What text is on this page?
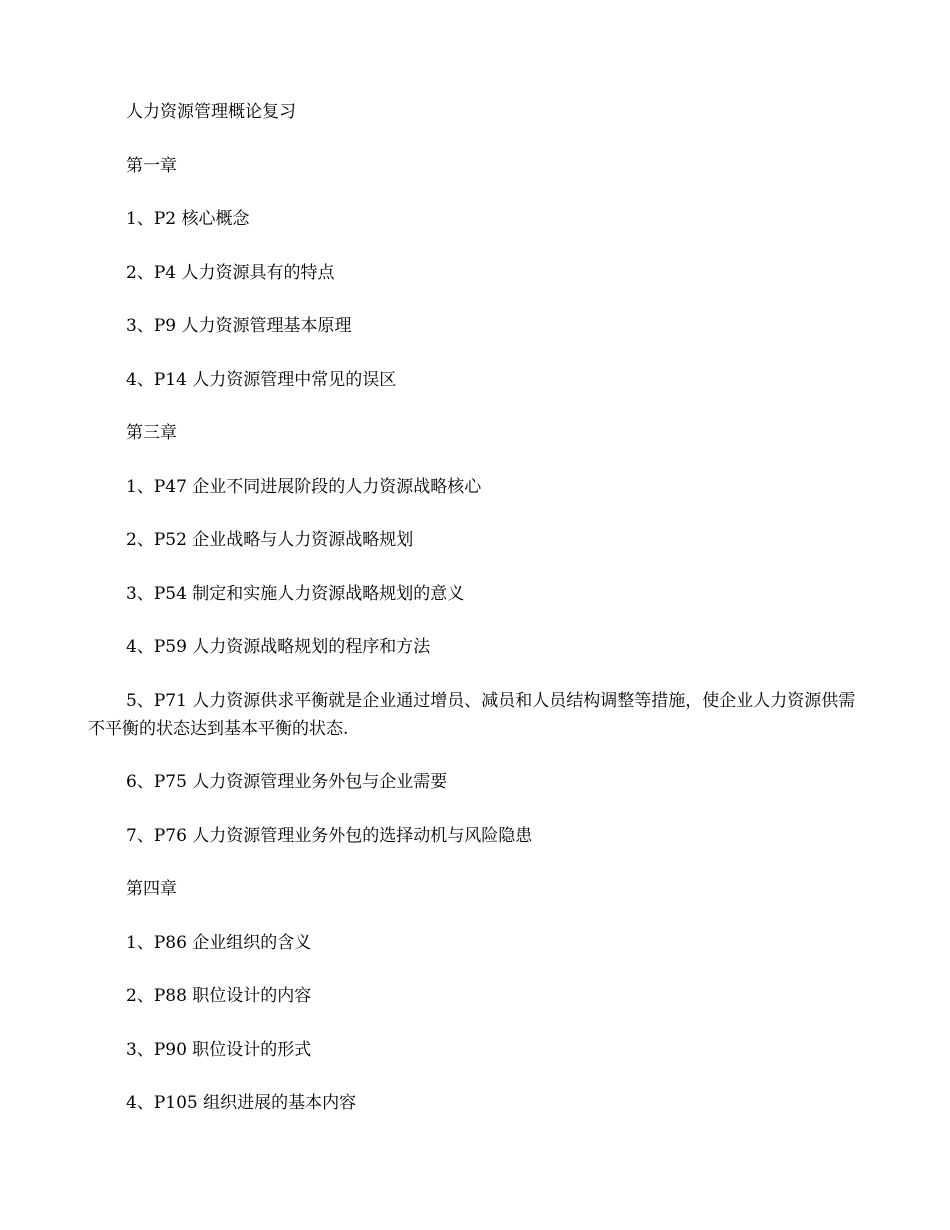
人力资源管理概论复习

第一章

1、P2 核心概念

2、P4 人力资源具有的特点

3、P9 人力资源管理基本原理

4、P14 人力资源管理中常见的误区

第三章

1、P47 企业不同进展阶段的人力资源战略核心

2、P52 企业战略与人力资源战略规划

3、P54 制定和实施人力资源战略规划的意义

4、P59 人力资源战略规划的程序和方法

5、P71 人力资源供求平衡就是企业通过增员、减员和人员结构调整等措施，使企业人力资源供需不平衡的状态达到基本平衡的状态.

6、P75 人力资源管理业务外包与企业需要

7、P76 人力资源管理业务外包的选择动机与风险隐患

第四章

1、P86 企业组织的含义

2、P88 职位设计的内容

3、P90 职位设计的形式

4、P105 组织进展的基本内容
